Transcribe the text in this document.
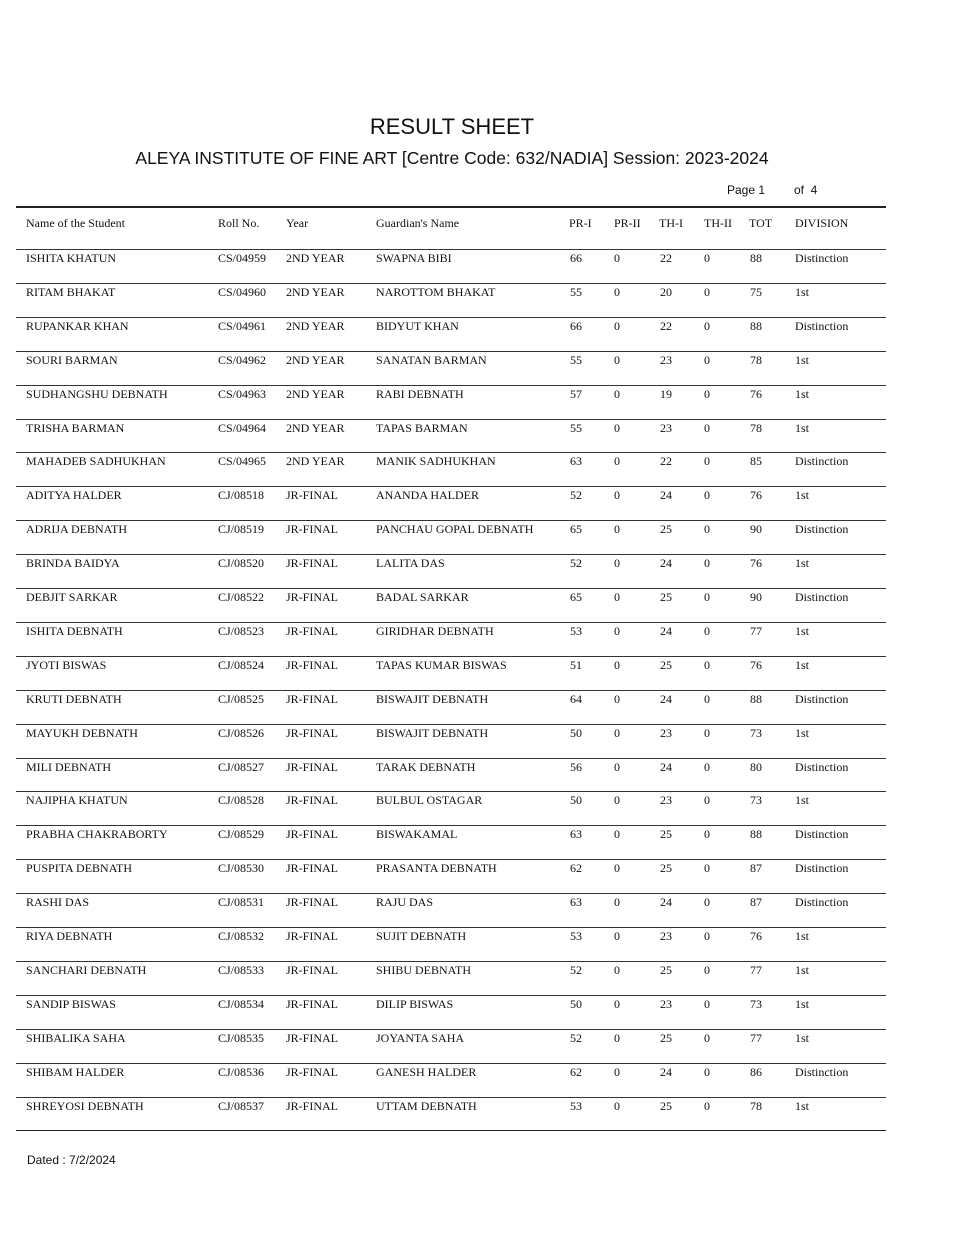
RESULT SHEET
ALEYA INSTITUTE OF FINE ART [Centre Code: 632/NADIA] Session: 2023-2024
Page 1 of  4
Name of the Student	Roll No. Year	Guardian's Name	PR-I PR-II TH-I TH-II TOT DIVISION
ISHITA KHATUN	CS/04959 2ND YEAR	SWAPNA BIBI	66	0	22	0	88	Distinction
RITAM BHAKAT	CS/04960 2ND YEAR	NAROTTOM BHAKAT	55	0	20	0	75	1st
RUPANKAR KHAN	CS/04961 2ND YEAR	BIDYUT KHAN	66	0	22	0	88	Distinction
SOURI BARMAN	CS/04962 2ND YEAR	SANATAN BARMAN	55	0	23	0	78	1st
SUDHANGSHU DEBNATH	CS/04963 2ND YEAR	RABI DEBNATH	57	0	19	0	76	1st
TRISHA BARMAN	CS/04964 2ND YEAR	TAPAS BARMAN	55	0	23	0	78	1st
MAHADEB SADHUKHAN	CS/04965 2ND YEAR	MANIK SADHUKHAN	63	0	22	0	85	Distinction
ADITYA HALDER	CJ/08518 JR-FINAL	ANANDA HALDER	52	0	24	0	76	1st
ADRIJA DEBNATH	CJ/08519 JR-FINAL	PANCHAU GOPAL DEBNATH	65	0	25	0	90	Distinction
BRINDA BAIDYA	CJ/08520 JR-FINAL	LALITA DAS	52	0	24	0	76	1st
DEBJIT SARKAR	CJ/08522 JR-FINAL	BADAL SARKAR	65	0	25	0	90	Distinction
ISHITA DEBNATH	CJ/08523 JR-FINAL	GIRIDHAR DEBNATH	53	0	24	0	77	1st
JYOTI BISWAS	CJ/08524 JR-FINAL	TAPAS KUMAR BISWAS	51	0	25	0	76	1st
KRUTI DEBNATH	CJ/08525 JR-FINAL	BISWAJIT DEBNATH	64	0	24	0	88	Distinction
MAYUKH DEBNATH	CJ/08526 JR-FINAL	BISWAJIT DEBNATH	50	0	23	0	73	1st
MILI DEBNATH	CJ/08527 JR-FINAL	TARAK DEBNATH	56	0	24	0	80	Distinction
NAJIPHA KHATUN	CJ/08528 JR-FINAL	BULBUL OSTAGAR	50	0	23	0	73	1st
PRABHA CHAKRABORTY	CJ/08529 JR-FINAL	BISWAKAMAL	63	0	25	0	88	Distinction
PUSPITA DEBNATH	CJ/08530 JR-FINAL	PRASANTA DEBNATH	62	0	25	0	87	Distinction
RASHI DAS	CJ/08531 JR-FINAL	RAJU DAS	63	0	24	0	87	Distinction
RIYA DEBNATH	CJ/08532 JR-FINAL	SUJIT DEBNATH	53	0	23	0	76	1st
SANCHARI DEBNATH	CJ/08533 JR-FINAL	SHIBU DEBNATH	52	0	25	0	77	1st
SANDIP BISWAS	CJ/08534 JR-FINAL	DILIP BISWAS	50	0	23	0	73	1st
SHIBALIKA SAHA	CJ/08535 JR-FINAL	JOYANTA SAHA	52	0	25	0	77	1st
SHIBAM HALDER	CJ/08536 JR-FINAL	GANESH HALDER	62	0	24	0	86	Distinction
SHREYOSI DEBNATH	CJ/08537 JR-FINAL	UTTAM DEBNATH	53	0	25	0	78	1st
Dated : 7/2/2024
